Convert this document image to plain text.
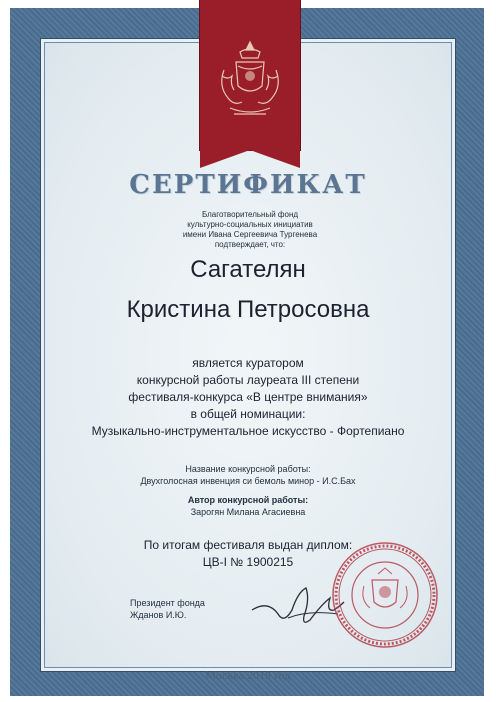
СЕРТИФИКАТ
Благотворительный фонд
культурно-социальных инициатив
имени Ивана Сергеевича Тургенева
подтверждает, что:
Сагателян
Кристина Петросовна
является куратором
конкурсной работы лауреата III степени
фестиваля-конкурса «В центре внимания»
в общей номинации:
Музыкально-инструментальное искусство - Фортепиано
Название конкурсной работы:
Двухголосная инвенция си бемоль минор - И.С.Бах
Автор конкурсной работы:
Зарогян Милана Агасиевна
По итогам фестиваля выдан диплом:
ЦВ-I № 1900215
Президент фонда
Жданов И.Ю.
Москва 2019 год
